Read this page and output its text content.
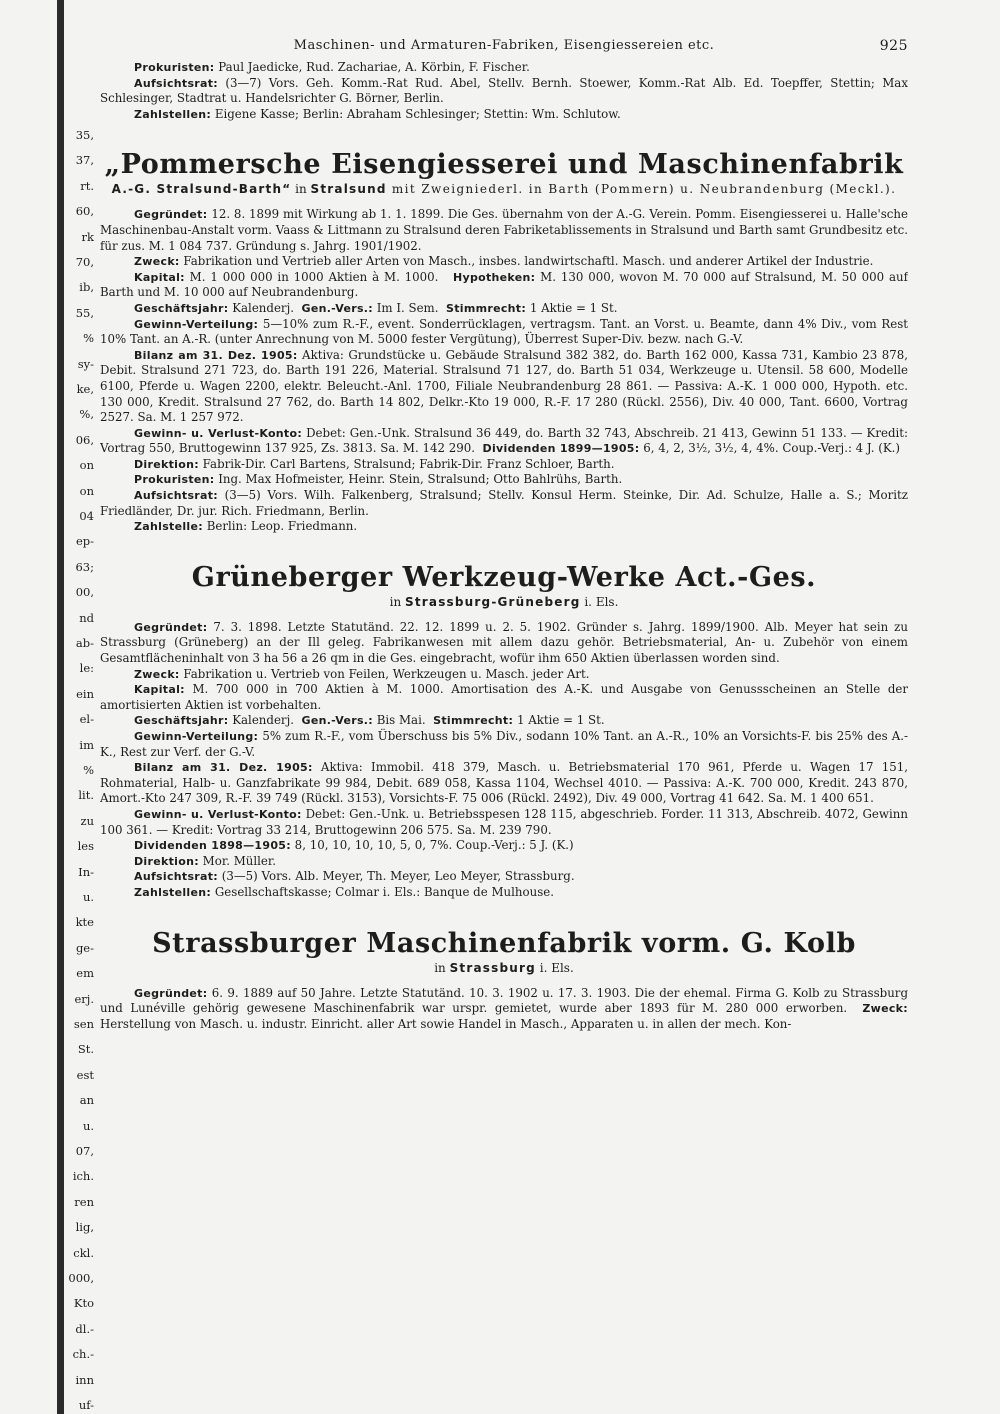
35,
37,
rt.
60,
rk
70,
ib,
55,
%
sy-
ke,
%,
06,
on
on
04
ep-
63;
00,
nd
ab-
le:
ein
el-
im
%
lit.
zu
les
In-
u.
kte
ge-
em
erj.
sen
St.
est
an
u.
07,
ich.
ren
lig,
ckl.
000,
Kto
dl.-
ch.-
inn
uf-
Maschinen- und Armaturen-Fabriken, Eisengiessereien etc.	925

Prokuristen: Paul Jaedicke, Rud. Zachariae, A. Körbin, F. Fischer.

Aufsichtsrat: (3—7) Vors. Geh. Komm.-Rat Rud. Abel, Stellv. Bernh. Stoewer, Komm.-Rat Alb. Ed. Toepffer, Stettin; Max Schlesinger, Stadtrat u. Handelsrichter G. Börner, Berlin.

Zahlstellen: Eigene Kasse; Berlin: Abraham Schlesinger; Stettin: Wm. Schlutow.

„Pommersche Eisengiesserei und Maschinenfabrik

A.-G. Stralsund-Barth“ in Stralsund mit Zweigniederl. in Barth (Pommern) u. Neubrandenburg (Meckl.).

Gegründet: 12. 8. 1899 mit Wirkung ab 1. 1. 1899. Die Ges. übernahm von der A.-G. Verein. Pomm. Eisengiesserei u. Halle'sche Maschinenbau-Anstalt vorm. Vaass & Littmann zu Stralsund deren Fabriketablissements in Stralsund und Barth samt Grundbesitz etc. für zus. M. 1 084 737. Gründung s. Jahrg. 1901/1902.

Zweck: Fabrikation und Vertrieb aller Arten von Masch., insbes. landwirtschaftl. Masch. und anderer Artikel der Industrie.

Kapital: M. 1 000 000 in 1000 Aktien à M. 1000. Hypotheken: M. 130 000, wovon M. 70 000 auf Stralsund, M. 50 000 auf Barth und M. 10 000 auf Neubrandenburg.

Geschäftsjahr: Kalenderj. Gen.-Vers.: Im I. Sem. Stimmrecht: 1 Aktie = 1 St.

Gewinn-Verteilung: 5—10% zum R.-F., event. Sonderrücklagen, vertragsm. Tant. an Vorst. u. Beamte, dann 4% Div., vom Rest 10% Tant. an A.-R. (unter Anrechnung von M. 5000 fester Vergütung), Überrest Super-Div. bezw. nach G.-V.

Bilanz am 31. Dez. 1905: Aktiva: Grundstücke u. Gebäude Stralsund 382 382, do. Barth 162 000, Kassa 731, Kambio 23 878, Debit. Stralsund 271 723, do. Barth 191 226, Material. Stralsund 71 127, do. Barth 51 034, Werkzeuge u. Utensil. 58 600, Modelle 6100, Pferde u. Wagen 2200, elektr. Beleucht.-Anl. 1700, Filiale Neubrandenburg 28 861. — Passiva: A.-K. 1 000 000, Hypoth. etc. 130 000, Kredit. Stralsund 27 762, do. Barth 14 802, Delkr.-Kto 19 000, R.-F. 17 280 (Rückl. 2556), Div. 40 000, Tant. 6600, Vortrag 2527. Sa. M. 1 257 972.

Gewinn- u. Verlust-Konto: Debet: Gen.-Unk. Stralsund 36 449, do. Barth 32 743, Abschreib. 21 413, Gewinn 51 133. — Kredit: Vortrag 550, Bruttogewinn 137 925, Zs. 3813. Sa. M. 142 290. Dividenden 1899—1905: 6, 4, 2, 3½, 3½, 4, 4%. Coup.-Verj.: 4 J. (K.)

Direktion: Fabrik-Dir. Carl Bartens, Stralsund; Fabrik-Dir. Franz Schloer, Barth.

Prokuristen: Ing. Max Hofmeister, Heinr. Stein, Stralsund; Otto Bahlrühs, Barth.

Aufsichtsrat: (3—5) Vors. Wilh. Falkenberg, Stralsund; Stellv. Konsul Herm. Steinke, Dir. Ad. Schulze, Halle a. S.; Moritz Friedländer, Dr. jur. Rich. Friedmann, Berlin.

Zahlstelle: Berlin: Leop. Friedmann.

Grüneberger Werkzeug-Werke Act.-Ges.

in Strassburg-Grüneberg i. Els.

Gegründet: 7. 3. 1898. Letzte Statutänd. 22. 12. 1899 u. 2. 5. 1902. Gründer s. Jahrg. 1899/1900. Alb. Meyer hat sein zu Strassburg (Grüneberg) an der Ill geleg. Fabrikanwesen mit allem dazu gehör. Betriebsmaterial, An- u. Zubehör von einem Gesamtflächeninhalt von 3 ha 56 a 26 qm in die Ges. eingebracht, wofür ihm 650 Aktien überlassen worden sind.

Zweck: Fabrikation u. Vertrieb von Feilen, Werkzeugen u. Masch. jeder Art.

Kapital: M. 700 000 in 700 Aktien à M. 1000. Amortisation des A.-K. und Ausgabe von Genussscheinen an Stelle der amortisierten Aktien ist vorbehalten.

Geschäftsjahr: Kalenderj. Gen.-Vers.: Bis Mai. Stimmrecht: 1 Aktie = 1 St.

Gewinn-Verteilung: 5% zum R.-F., vom Überschuss bis 5% Div., sodann 10% Tant. an A.-R., 10% an Vorsichts-F. bis 25% des A.-K., Rest zur Verf. der G.-V.

Bilanz am 31. Dez. 1905: Aktiva: Immobil. 418 379, Masch. u. Betriebsmaterial 170 961, Pferde u. Wagen 17 151, Rohmaterial, Halb- u. Ganzfabrikate 99 984, Debit. 689 058, Kassa 1104, Wechsel 4010. — Passiva: A.-K. 700 000, Kredit. 243 870, Amort.-Kto 247 309, R.-F. 39 749 (Rückl. 3153), Vorsichts-F. 75 006 (Rückl. 2492), Div. 49 000, Vortrag 41 642. Sa. M. 1 400 651.

Gewinn- u. Verlust-Konto: Debet: Gen.-Unk. u. Betriebsspesen 128 115, abgeschrieb. Forder. 11 313, Abschreib. 4072, Gewinn 100 361. — Kredit: Vortrag 33 214, Bruttogewinn 206 575. Sa. M. 239 790.

Dividenden 1898—1905: 8, 10, 10, 10, 10, 5, 0, 7%. Coup.-Verj.: 5 J. (K.)

Direktion: Mor. Müller.

Aufsichtsrat: (3—5) Vors. Alb. Meyer, Th. Meyer, Leo Meyer, Strassburg.

Zahlstellen: Gesellschaftskasse; Colmar i. Els.: Banque de Mulhouse.

Strassburger Maschinenfabrik vorm. G. Kolb

in Strassburg i. Els.

Gegründet: 6. 9. 1889 auf 50 Jahre. Letzte Statutänd. 10. 3. 1902 u. 17. 3. 1903. Die der ehemal. Firma G. Kolb zu Strassburg und Lunéville gehörig gewesene Maschinenfabrik war urspr. gemietet, wurde aber 1893 für M. 280 000 erworben. Zweck: Herstellung von Masch. u. industr. Einricht. aller Art sowie Handel in Masch., Apparaten u. in allen der mech. Kon-
